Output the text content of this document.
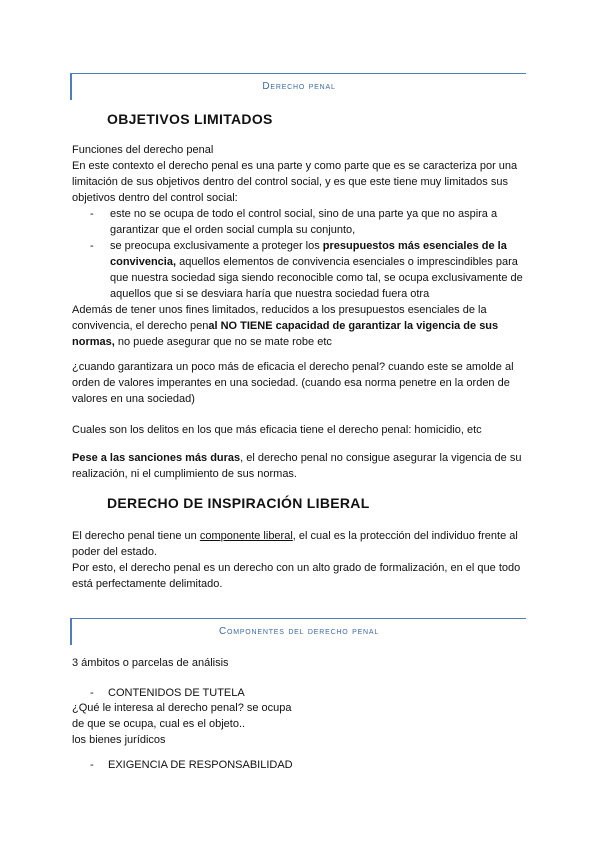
Derecho penal
OBJETIVOS LIMITADOS

Funciones del derecho penal

En este contexto el derecho penal es una parte y como parte que es se caracteriza por una limitación de sus objetivos dentro del control social, y es que este tiene muy limitados sus objetivos dentro del control social:

- este no se ocupa de todo el control social, sino de una parte ya que no aspira a garantizar que el orden social cumpla su conjunto,
- se preocupa exclusivamente a proteger los presupuestos más esenciales de la convivencia, aquellos elementos de convivencia esenciales o imprescindibles para que nuestra sociedad siga siendo reconocible como tal, se ocupa exclusivamente de aquellos que si se desviara haría que nuestra sociedad fuera otra

Además de tener unos fines limitados, reducidos a los presupuestos esenciales de la convivencia, el derecho penal NO TIENE capacidad de garantizar la vigencia de sus normas, no puede asegurar que no se mate robe etc

¿cuando garantizara un poco más de eficacia el derecho penal? cuando este se amolde al orden de valores imperantes en una sociedad. (cuando esa norma penetre en la orden de valores en una sociedad)

Cuales son los delitos en los que más eficacia tiene el derecho penal: homicidio, etc

Pese a las sanciones más duras, el derecho penal no consigue asegurar la vigencia de su realización, ni el cumplimiento de sus normas.

DERECHO DE INSPIRACIÓN LIBERAL

El derecho penal tiene un componente liberal, el cual es la protección del individuo frente al poder del estado.

Por esto, el derecho penal es un derecho con un alto grado de formalización, en el que todo está perfectamente delimitado.

Componentes del derecho penal

3 ámbitos o parcelas de análisis

- CONTENIDOS DE TUTELA

¿Qué le interesa al derecho penal? se ocupa

de que se ocupa, cual es el objeto..

los bienes jurídicos

- EXIGENCIA DE RESPONSABILIDAD
